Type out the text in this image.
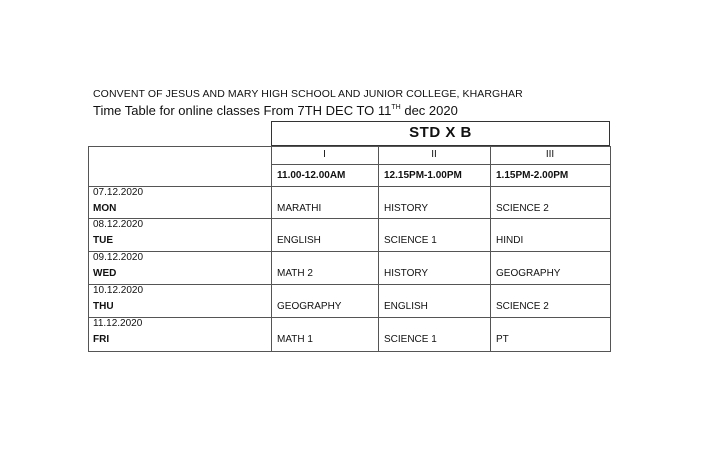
CONVENT OF JESUS AND MARY HIGH SCHOOL AND JUNIOR COLLEGE, KHARGHAR
Time Table for online classes From 7TH DEC TO 11TH dec 2020
STD X B
I	II	III
11.00-12.00AM	12.15PM-1.00PM	1.15PM-2.00PM
07.12.2020
MON	MARATHI	HISTORY	SCIENCE 2
08.12.2020
TUE	ENGLISH	SCIENCE 1	HINDI
09.12.2020
WED	MATH 2	HISTORY	GEOGRAPHY
10.12.2020
THU	GEOGRAPHY	ENGLISH	SCIENCE 2
11.12.2020
FRI	MATH 1	SCIENCE 1	PT
